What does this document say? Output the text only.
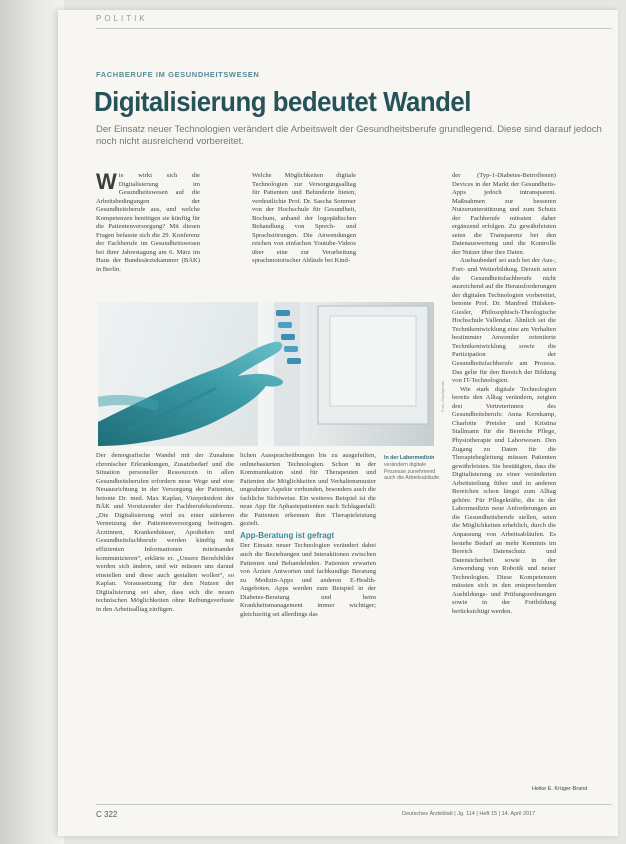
POLITIK
FACHBERUFE IM GESUNDHEITSWESEN
Digitalisierung bedeutet Wandel
Der Einsatz neuer Technologien verändert die Arbeitswelt der Gesundheitsberufe grundlegend. Diese sind darauf jedoch noch nicht ausreichend vorbereitet.
W ie wirkt sich die Digitalisierung im Gesundheitswesen auf die Arbeitsbedingungen der Gesundheitsberufe aus, und welche Kompetenzen benötigen sie künftig für die Patientenversorgung? Mit diesen Fragen befasste sich die 29. Konferenz der Fachberufe im Gesundheitswesen bei ihrer Jahrestagung am 6. März im Haus der Bundesärztekammer (BÄK) in Berlin.
Welche Möglichkeiten digitale Technologien zur Versorgungsalltag für Patienten und Behinderte bieten, verdeutlichte Prof. Dr. Sascha Sommer von der Hochschule für Gesundheit, Bochum, anhand der logopädischen Behandlung von Sprech- und Sprachstörungen. Die Anwendungen reichen von einfachen Youtube-Videos über eine zur Verarbeitung sprachmotorischer Abläufe bei Kind-

der (Typ-1-Diabetes-Betroffenen) Devices in der Markt der Gesundheits-Apps jedoch intransparent. Maßnahmen zur besseren Nutzerunterstützung und zum Schutz der Fachberufe müssten daher ergänzend erfolgen. Zu gewährleisten seien die Transparenz bei den Datenauswertung und die Kontrolle der Nutzer über ihre Daten.

Ausbaubedarf sei auch bei der Aus-, Fort- und Weiterbildung. Derzeit seien die Gesundheitsfachberufe nicht ausreichend auf die Herausforderungen der digitalen Technologien vorbereitet, betonte Prof. Dr. Manfred Hülsken-Giesler, Philosophisch-Theologische Hochschule Vallendar. Ähnlich sei die Technikentwicklung eine am Verhalten bestimmter Anwender orientierte Technikentwicklung sowie die Partizipation der Gesundheitsfachberufe am Prozess. Das gelte für den Bereich der Bildung von IT-Technologien.

Wie stark digitale Technologien bereits den Alltag verändern, zeigten drei Vertreterinnen des Gesundheitsberufs: Anna Kernkamp, Charlotte Preisler und Kristina Stallmann für die Bereiche Pflege, Physiotherapie und Laborwesen. Den Zugang zu Daten für die Therapiebegleitung müssen Patienten gewährleisten. Sie bestätigten, dass die Digitalisierung zu einer veränderten Arbeitsteilung führe und in anderen Bereichen schon längst zum Alltag gehöre. Für Pflegekräfte, die in der Labormedizin neue Anforderungen an die Gesundheitsberufe stellen, seien die Möglichkeiten erheblich, durch die Anpassung von Arbeitsabläufen. Es bestehe Bedarf an mehr Kenntnis im Bereich Datenschutz und Datensicherheit sowie in der Anwendung von Robotik und neuer Technologien. Diese Kompetenzen müssten sich in den entsprechenden Ausbildungs- und Prüfungsordnungen sowie in der Fortbildung berücksichtigt werden.

Heike E. Krüger-Brand
Foto: iStockphoto
In der Labormedizin verändern digitale Prozesse zunehmend auch die Arbeitsabläufe.
Der demografische Wandel mit der Zunahme chronischer Erkrankungen, Zusatzbedarf und die Situation personeller Ressourcen in allen Gesundheitsberufen erfordern neue Wege und eine Neuausrichtung in der Versorgung der Patienten, betonte Dr. med. Max Kaplan, Vizepräsident der BÄK und Vorsitzender der Fachberufekonferenz. „Die Digitalisierung wird zu einer stärkeren Vernetzung der Patientenversorgung beitragen. Ärztinnen, Krankenhäuser, Apotheken und Gesundheitsfachberufe werden künftig mit effizienten Informationen miteinander kommunizieren“, erklärte er. „Unsere Berufsbilder werden sich ändern, und wir müssen uns darauf einstellen und diese auch gestalten wollen“, so Kaplan. Voraussetzung für den Nutzen der Digitalisierung sei aber, dass sich die neuen technischen Möglichkeiten ohne Reibungsverluste in den Arbeitsalltag einfügen.

lichen Ausspracheübungen bis zu ausgefeilten, onlinebasierten Technologien. Schon in der Kommunikation sind für Therapeuten und Patienten die Möglichkeiten und Verhaltensmuster ungeahnter Aspekte verbunden, besonders auch die fachliche Sichtweise. Ein weiteres Beispiel ist die neue App für Aphasiepatienten nach Schlaganfall: die Patienten erkennen ihre Therapieleistung gezielt.

App-Beratung ist gefragt

Der Einsatz neuer Technologien verändert dabei auch die Beziehungen und Interaktionen zwischen Patienten und Behandelnden. Patienten erwarten von Ärzten Antworten und fachkundige Beratung zu Medizin-Apps und anderen E-Health-Angeboten. Apps werden zum Beispiel in der Diabetes-Beratung und beim Krankheitsmanagement immer wichtiger; gleichzeitig sei allerdings das

C 322	Deutsches Ärzteblatt | Jg. 114 | Heft 15 | 14. April 2017
